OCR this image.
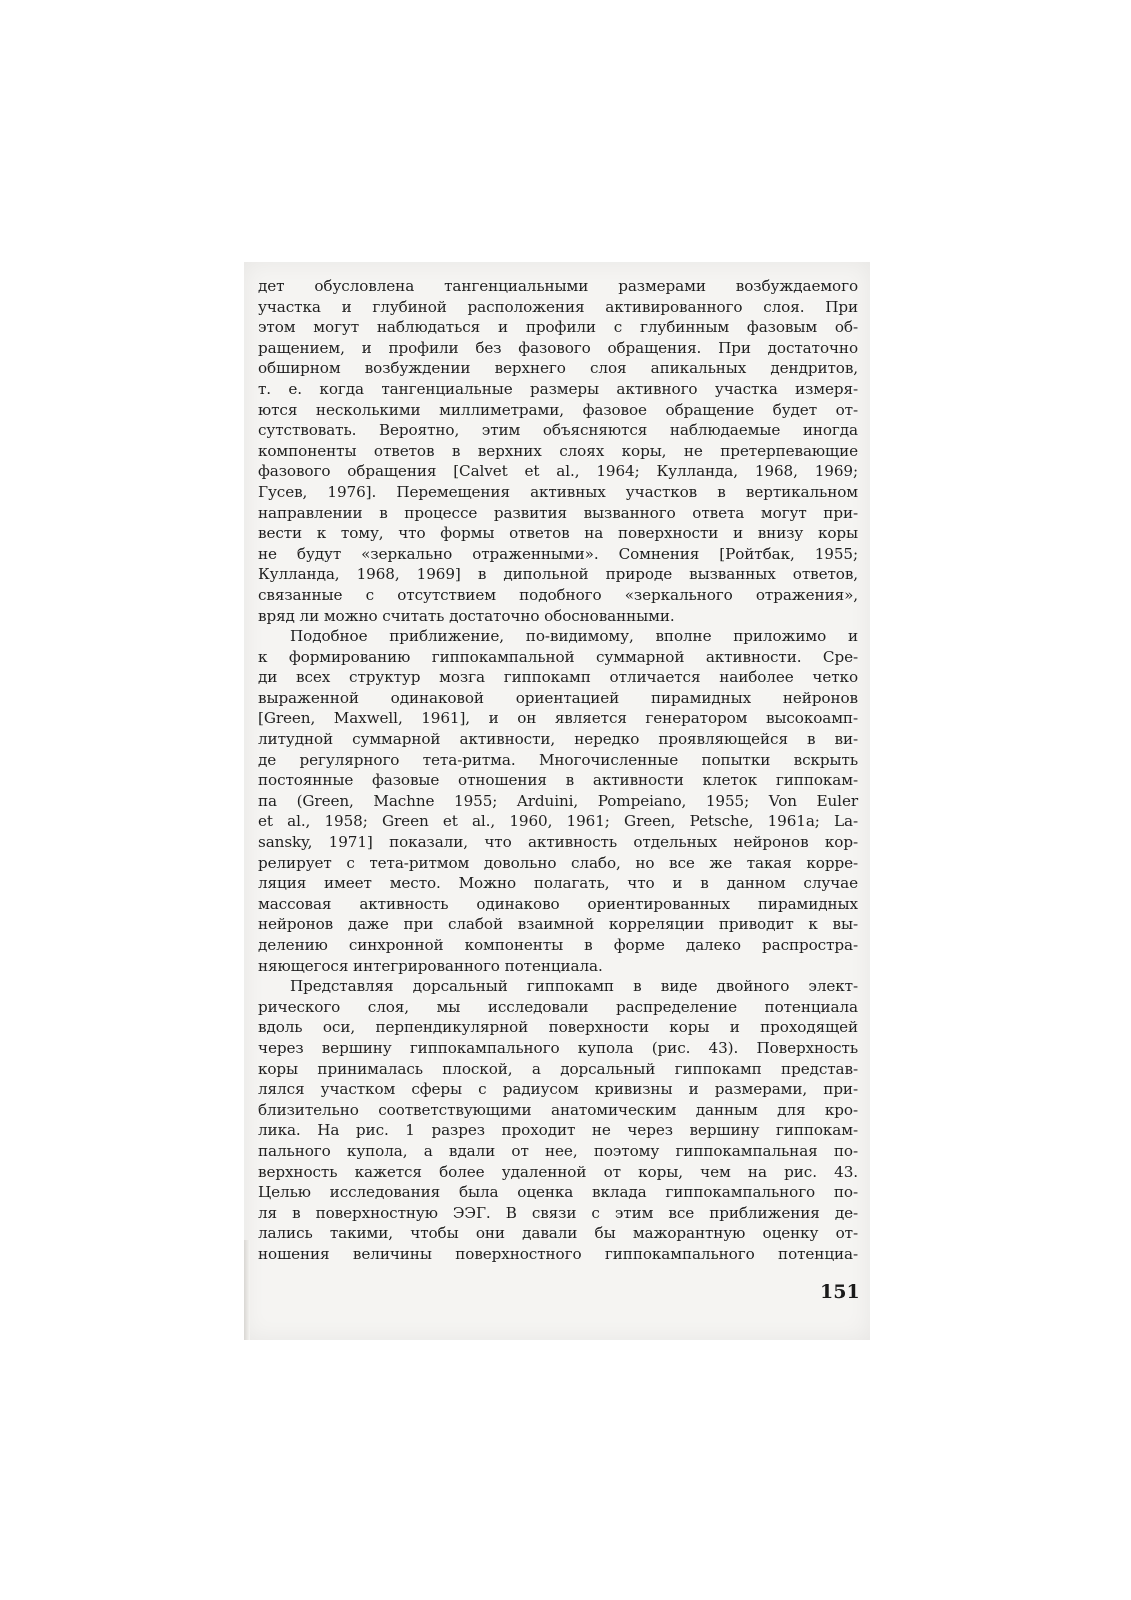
дет обусловлена тангенциальными размерами возбуждаемого
участка и глубиной расположения активированного слоя. При
этом могут наблюдаться и профили с глубинным фазовым об-
ращением, и профили без фазового обращения. При достаточно
обширном возбуждении верхнего слоя апикальных дендритов,
т. е. когда тангенциальные размеры активного участка измеря-
ются несколькими миллиметрами, фазовое обращение будет от-
сутствовать. Вероятно, этим объясняются наблюдаемые иногда
компоненты ответов в верхних слоях коры, не претерпевающие
фазового обращения [Calvet et al., 1964; Кулланда, 1968, 1969;
Гусев, 1976]. Перемещения активных участков в вертикальном
направлении в процессе развития вызванного ответа могут при-
вести к тому, что формы ответов на поверхности и внизу коры
не будут «зеркально отраженными». Сомнения [Ройтбак, 1955;
Кулланда, 1968, 1969] в дипольной природе вызванных ответов,
связанные с отсутствием подобного «зеркального отражения»,
вряд ли можно считать достаточно обоснованными.
Подобное приближение, по-видимому, вполне приложимо и
к формированию гиппокампальной суммарной активности. Сре-
ди всех структур мозга гиппокамп отличается наиболее четко
выраженной одинаковой ориентацией пирамидных нейронов
[Green, Maxwell, 1961], и он является генератором высокоамп-
литудной суммарной активности, нередко проявляющейся в ви-
де регулярного тета-ритма. Многочисленные попытки вскрыть
постоянные фазовые отношения в активности клеток гиппокам-
па (Green, Machne 1955; Arduini, Pompeiano, 1955; Von Euler
et al., 1958; Green et al., 1960, 1961; Green, Petsche, 1961a; La-
sansky, 1971] показали, что активность отдельных нейронов кор-
релирует с тета-ритмом довольно слабо, но все же такая корре-
ляция имеет место. Можно полагать, что и в данном случае
массовая активность одинаково ориентированных пирамидных
нейронов даже при слабой взаимной корреляции приводит к вы-
делению синхронной компоненты в форме далеко распростра-
няющегося интегрированного потенциала.
Представляя дорсальный гиппокамп в виде двойного элект-
рического слоя, мы исследовали распределение потенциала
вдоль оси, перпендикулярной поверхности коры и проходящей
через вершину гиппокампального купола (рис. 43). Поверхность
коры принималась плоской, а дорсальный гиппокамп представ-
лялся участком сферы с радиусом кривизны и размерами, при-
близительно соответствующими анатомическим данным для кро-
лика. На рис. 1 разрез проходит не через вершину гиппокам-
пального купола, а вдали от нее, поэтому гиппокампальная по-
верхность кажется более удаленной от коры, чем на рис. 43.
Целью исследования была оценка вклада гиппокампального по-
ля в поверхностную ЭЭГ. В связи с этим все приближения де-
лались такими, чтобы они давали бы мажорантную оценку от-
ношения величины поверхностного гиппокампального потенциа-
151
